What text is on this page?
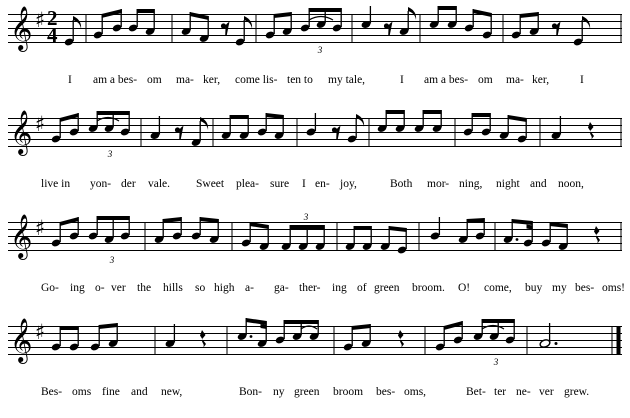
𝄞 ♯ 2
4
3
I am a bes- om ma- ker, come lis- ten to my tale,	I am a bes- om ma- ker,	I
𝄞 ♯
3
live in yon- der vale. Sweet plea- sure I en- joy,	Both mor- ning, night and noon,
𝄞 ♯
3
3
Go- ing o- ver the hills so high a- ga- ther- ing of green broom. O! come, buy my bes- oms!
𝄞 ♯
3
Bes- oms fine and new,	Bon- ny green broom bes- oms,	Bet- ter ne- ver grew.
